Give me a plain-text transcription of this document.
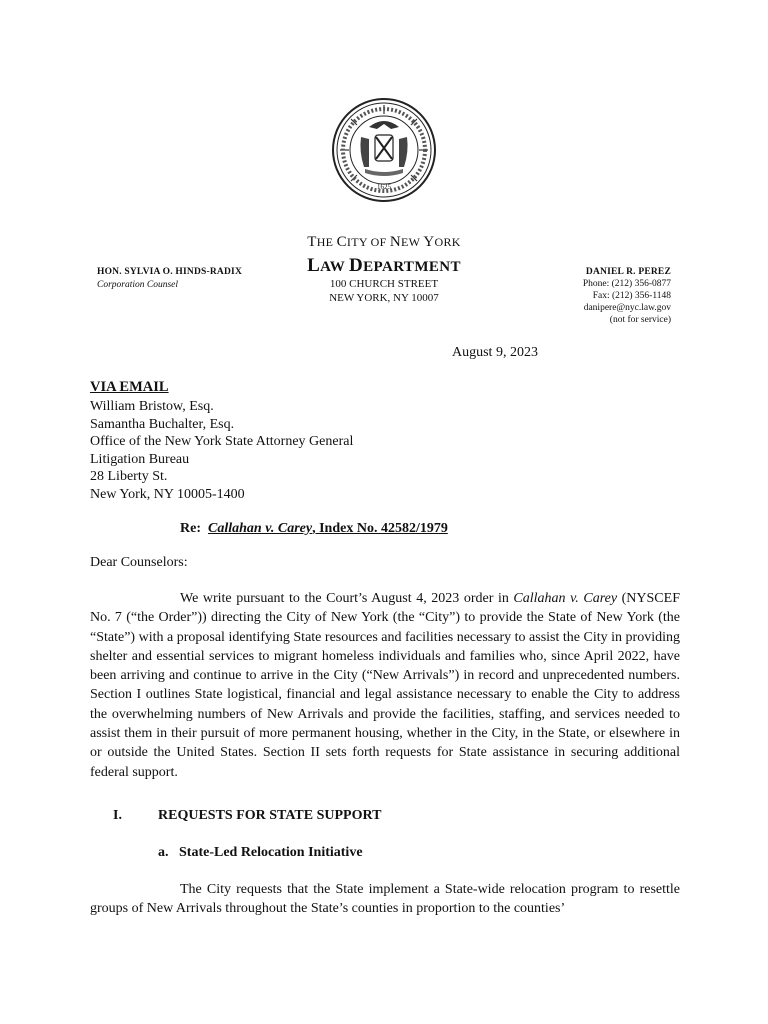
1625
THE CITY OF NEW YORK
LAW DEPARTMENT
100 CHURCH STREET
NEW YORK, NY 10007
HON. SYLVIA O. HINDS-RADIX
Corporation Counsel
DANIEL R. PEREZ
Phone: (212) 356-0877
Fax: (212) 356-1148
danipere@nyc.law.gov
(not for service)
August 9, 2023
VIA EMAIL
William Bristow, Esq.
Samantha Buchalter, Esq.
Office of the New York State Attorney General
Litigation Bureau
28 Liberty St.
New York, NY 10005-1400
Re: Callahan v. Carey, Index No. 42582/1979
Dear Counselors:
We write pursuant to the Court’s August 4, 2023 order in Callahan v. Carey (NYSCEF No. 7 (“the Order”)) directing the City of New York (the “City”) to provide the State of New York (the “State”) with a proposal identifying State resources and facilities necessary to assist the City in providing shelter and essential services to migrant homeless individuals and families who, since April 2022, have been arriving and continue to arrive in the City (“New Arrivals”) in record and unprecedented numbers. Section I outlines State logistical, financial and legal assistance necessary to enable the City to address the overwhelming numbers of New Arrivals and provide the facilities, staffing, and services needed to assist them in their pursuit of more permanent housing, whether in the City, in the State, or elsewhere in or outside the United States. Section II sets forth requests for State assistance in securing additional federal support.
I.	REQUESTS FOR STATE SUPPORT
a.   State-Led Relocation Initiative
The City requests that the State implement a State-wide relocation program to resettle groups of New Arrivals throughout the State’s counties in proportion to the counties’
